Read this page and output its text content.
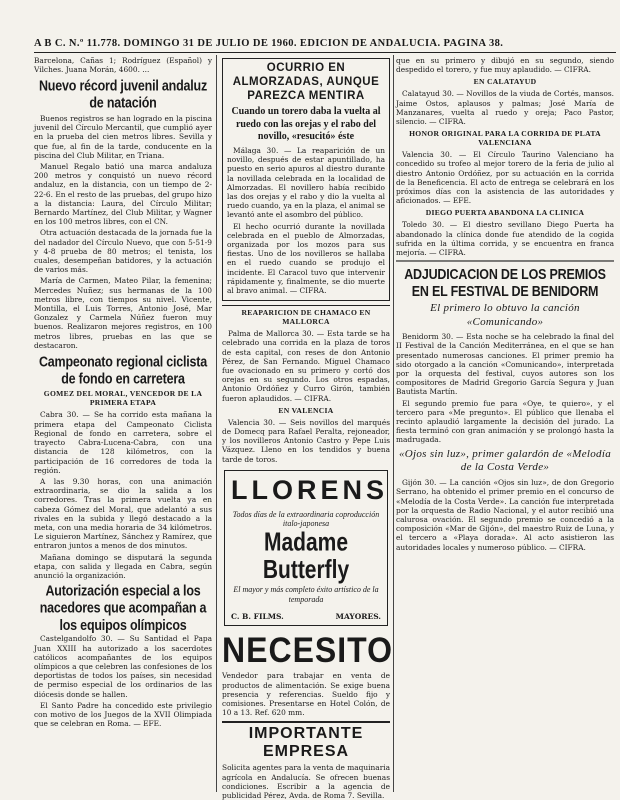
A B C. N.º 11.778. DOMINGO 31 DE JULIO DE 1960. EDICION DE ANDALUCIA. PAGINA 38.

Barcelona, Cañas 1; Rodríguez (Español) y Vilches. Juana Morán, 4600. ...

Nuevo récord juvenil andaluz de natación

Buenos registros se han logrado en la piscina juvenil del Círculo Mercantil, que cumplió ayer en la prueba del cien metros libres. Sevilla y que fue, al fin de la tarde, conducente en la piscina del Club Militar, en Triana.

Manuel Regalo batió una marca andaluza 200 metros y conquistó un nuevo récord andaluz, en la distancia, con un tiempo de 2-22-6. En el resto de las pruebas, del grupo hizo a la distancia: Laura, del Círculo Militar; Bernardo Martínez, del Club Militar, y Wagner en los 100 metros libres, con el CN.

Otra actuación destacada de la jornada fue la del nadador del Círculo Nuevo, que con 5-51-9 y 4-8 prueba de 80 metros; el tenista, los cuales, desempeñan batidores, y la actuación de varios más.

María de Carmen, Mateo Pilar, la femenina; Mercedes Nuñez; sus hermanas de la 100 metros libre, con tiempos su nivel. Vicente, Montilla, el Luis Torres, Antonio José, Mar Gonzalez y Carmela Núñez fueron muy buenos. Realizaron mejores registros, en 100 metros libres, pruebas en las que se destacaron.

Campeonato regional ciclista de fondo en carretera
GOMEZ DEL MORAL, VENCEDOR DE LA PRIMERA ETAPA

Cabra 30. — Se ha corrido esta mañana la primera etapa del Campeonato Ciclista Regional de fondo en carretera, sobre el trayecto Cabra-Lucena-Cabra, con una distancia de 128 kilómetros, con la participación de 16 corredores de toda la región.

A las 9.30 horas, con una animación extraordinaria, se dio la salida a los corredores. Tras la primera vuelta ya en cabeza Gómez del Moral, que adelantó a sus rivales en la subida y llegó destacado a la meta, con una media horaria de 34 kilómetros. Le siguieron Martínez, Sánchez y Ramírez, que entraron juntos a menos de dos minutos.

Mañana domingo se disputará la segunda etapa, con salida y llegada en Cabra, según anunció la organización.

Autorización especial a los nacedores que acompañan a los equipos olímpicos

Castelgandolfo 30. — Su Santidad el Papa Juan XXIII ha autorizado a los sacerdotes católicos acompañantes de los equipos olímpicos a que celebren las confesiones de los deportistas de todos los países, sin necesidad de permiso especial de los ordinarios de las diócesis donde se hallen.

El Santo Padre ha concedido este privilegio con motivo de los Juegos de la XVII Olimpiada que se celebran en Roma. — EFE.

OCURRIO EN ALMORZADAS, AUNQUE PAREZCA MENTIRA
Cuando un torero daba la vuelta al ruedo con las orejas y el rabo del novillo, «resucitó» éste

Málaga 30. — La reaparición de un novillo, después de estar apuntillado, ha puesto en serio apuros al diestro durante la novillada celebrada en la localidad de Almorzadas. El novillero había recibido las dos orejas y el rabo y dio la vuelta al ruedo cuando, ya en la plaza, el animal se levantó ante el asombro del público.

El hecho ocurrió durante la novillada celebrada en el pueblo de Almorzadas, organizada por los mozos para sus fiestas. Uno de los novilleros se hallaba en el ruedo cuando se produjo el incidente. El Caracol tuvo que intervenir rápidamente y, finalmente, se dio muerte al bravo animal. — CIFRA.

REAPARICION DE CHAMACO EN MALLORCA

Palma de Mallorca 30. — Esta tarde se ha celebrado una corrida en la plaza de toros de esta capital, con reses de don Antonio Pérez, de San Fernando. Miguel Chamaco fue ovacionado en su primero y cortó dos orejas en su segundo. Los otros espadas, Antonio Ordóñez y Curro Girón, también fueron aplaudidos. — CIFRA.

EN VALENCIA

Valencia 30. — Seis novillos del marqués de Domecq para Rafael Peralta, rejoneador, y los novilleros Antonio Castro y Pepe Luis Vázquez. Lleno en los tendidos y buena tarde de toros.

LLORENS
Todos días de la extraordinaria coproducción italo-japonesa
Madame Butterfly
El mayor y más completo éxito artístico de la temporada
C. B. FILMS.	MAYORES.
NECESITO

Vendedor para trabajar en venta de productos de alimentación. Se exige buena presencia y referencias. Sueldo fijo y comisiones. Presentarse en Hotel Colón, de 10 a 13. Ref. 620 mm.

IMPORTANTE EMPRESA

Solicita agentes para la venta de maquinaria agrícola en Andalucía. Se ofrecen buenas condiciones. Escribir a la agencia de publicidad Pérez, Avda. de Roma 7. Sevilla.

que en su primero y dibujó en su segundo, siendo despedido el torero, y fue muy aplaudido. — CIFRA.

EN CALATAYUD

Calatayud 30. — Novillos de la viuda de Cortés, mansos. Jaime Ostos, aplausos y palmas; José María de Manzanares, vuelta al ruedo y oreja; Paco Pastor, silencio. — CIFRA.

HONOR ORIGINAL PARA LA CORRIDA DE PLATA VALENCIANA

Valencia 30. — El Círculo Taurino Valenciano ha concedido su trofeo al mejor torero de la feria de julio al diestro Antonio Ordóñez, por su actuación en la corrida de la Beneficencia. El acto de entrega se celebrará en los próximos días con la asistencia de las autoridades y aficionados. — EFE.

DIEGO PUERTA ABANDONA LA CLINICA

Toledo 30. — El diestro sevillano Diego Puerta ha abandonado la clínica donde fue atendido de la cogida sufrida en la última corrida, y se encuentra en franca mejoría. — CIFRA.

ADJUDICACION DE LOS PREMIOS EN EL FESTIVAL DE BENIDORM
El primero lo obtuvo la canción «Comunicando»

Benidorm 30. — Esta noche se ha celebrado la final del II Festival de la Canción Mediterránea, en el que se han presentado numerosas canciones. El primer premio ha sido otorgado a la canción «Comunicando», interpretada por la orquesta del festival, cuyos autores son los compositores de Madrid Gregorio García Segura y Juan Bautista Martín.

El segundo premio fue para «Oye, te quiero», y el tercero para «Me pregunto». El público que llenaba el recinto aplaudió largamente la decisión del jurado. La fiesta terminó con gran animación y se prolongó hasta la madrugada.

«Ojos sin luz», primer galardón de «Melodía de la Costa Verde»

Gijón 30. — La canción «Ojos sin luz», de don Gregorio Serrano, ha obtenido el primer premio en el concurso de «Melodía de la Costa Verde». La canción fue interpretada por la orquesta de Radio Nacional, y el autor recibió una calurosa ovación. El segundo premio se concedió a la composición «Mar de Gijón», del maestro Ruiz de Luna, y el tercero a «Playa dorada». Al acto asistieron las autoridades locales y numeroso público. — CIFRA.
